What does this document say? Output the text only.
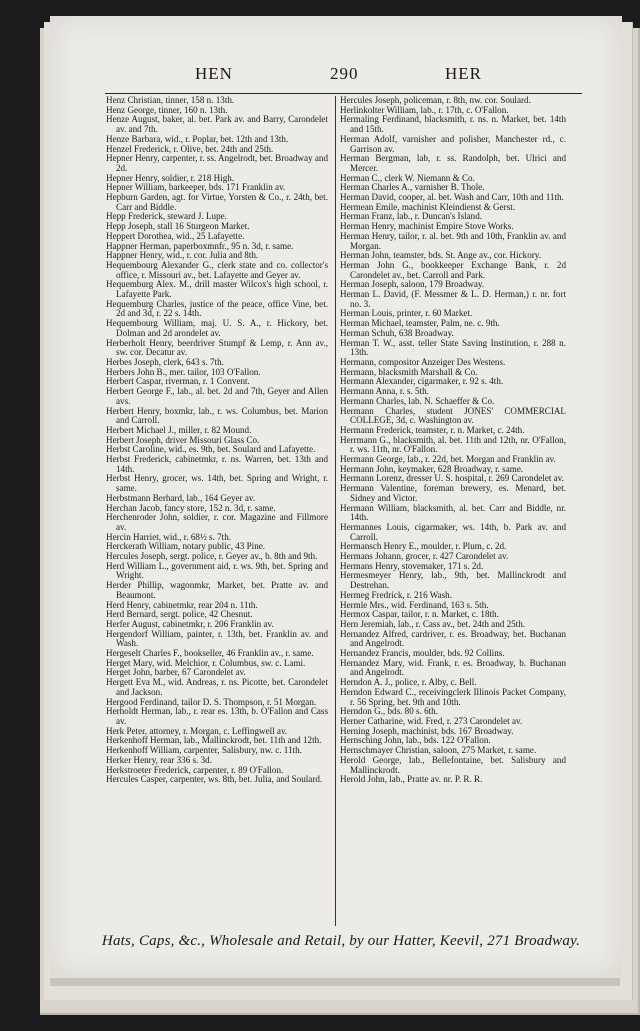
HEN	290	HER

Henz Christian, tinner, 158 n. 13th.

Henz George, tinner, 160 n. 13th.

Henze August, baker, al. bet. Park av. and Barry, Carondelet av. and 7th.

Henze Barbara, wid., r. Poplar, bet. 12th and 13th.

Henzel Frederick, r. Olive, bet. 24th and 25th.

Hepner Henry, carpenter, r. ss. Angelrodt, bet. Broadway and 2d.

Hepner Henry, soldier, r. 218 High.

Hepner William, barkeeper, bds. 171 Franklin av.

Hepburn Garden, agt. for Virtue, Yorsten & Co., r. 24th, bet. Carr and Biddle.

Hepp Frederick, steward J. Lupe.

Hepp Joseph, stall 16 Sturgeon Market.

Heppert Dorothea, wid., 25 Lafayette.

Happner Herman, paperboxmnfr., 95 n. 3d, r. same.

Happner Henry, wid., r. cor. Julia and 8th.

Hequembourg Alexander G., clerk state and co. collector's office, r. Missouri av., bet. Lafayette and Geyer av.

Hequemburg Alex. M., drill master Wilcox's high school, r. Lafayette Park.

Hequemburg Charles, justice of the peace, office Vine, bet. 2d and 3d, r. 22 s. 14th.

Hequembourg William, maj. U. S. A., r. Hickory, bet. Dolman and 2d arondelet av.

Herberholt Henry, beerdriver Stumpf & Lemp, r. Ann av., sw. cor. Decatur av.

Herbes Joseph, clerk, 643 s. 7th.

Herbers John B., mer. tailor, 103 O'Fallon.

Herbert Caspar, riverman, r. 1 Convent.

Herbert George F., lab., al. bet. 2d and 7th, Geyer and Allen avs.

Herbert Henry, boxmkr, lab., r. ws. Columbus, bet. Marion and Carroll.

Herbert Michael J., miller, r. 82 Mound.

Herbert Joseph, driver Missouri Glass Co.

Herbst Caroline, wid., es. 9th, bet. Soulard and Lafayette.

Herbst Frederick, cabinetmkr, r. ns. Warren, bet. 13th and 14th.

Herbst Henry, grocer, ws. 14th, bet. Spring and Wright, r. same.

Herbstmann Berhard, lab., 164 Geyer av.

Herchan Jacob, fancy store, 152 n. 3d, r. same.

Herchenroder John, soldier, r. cor. Magazine and Fillmore av.

Hercin Harriet, wid., r. 68½ s. 7th.

Herckerath William, notary public, 43 Pine.

Hercules Joseph, sergt. police, r. Geyer av., b. 8th and 9th.

Herd William L., government aid, r. ws. 9th, bet. Spring and Wright.

Herder Phillip, wagonmkr, Market, bet. Pratte av. and Beaumont.

Herd Henry, cabinetmkr, rear 204 n. 11th.

Herd Bernard, sergt. police, 42 Chesnut.

Herfer August, cabinetmkr, r. 206 Franklin av.

Hergendorf William, painter, r. 13th, bet. Franklin av. and Wash.

Hergeselt Charles F., bookseller, 46 Franklin av., r. same.

Herget Mary, wid. Melchior, r. Columbus, sw. c. Lami.

Herget John, barber, 67 Carondelet av.

Hergett Eva M., wid. Andreas, r. ns. Picotte, bet. Carondelet and Jackson.

Hergood Ferdinand, tailor D. S. Thompson, r. 51 Morgan.

Herholdt Herman, lab., r. rear es. 13th, b. O'Fallon and Cass av.

Herk Peter, attorney, r. Morgan, c. Leffingwell av.

Herkenhoff Herman, lab., Mallinckrodt, bet. 11th and 12th.

Herkenhoff William, carpenter, Salisbury, nw. c. 11th.

Herker Henry, rear 336 s. 3d.

Herkstroeter Frederick, carpenter, r. 89 O'Fallon.

Hercules Casper, carpenter, ws. 8th, bet. Julia, and Soulard.

Hercules Joseph, policeman, r. 8th, nw. cor. Soulard.

Herlinkolter William, lab., r. 17th, c. O'Fallon.

Hermaling Ferdinand, blacksmith, r. ns. n. Market, bet. 14th and 15th.

Herman Adolf, varnisher and polisher, Manchester rd., c. Garrison av.

Herman Bergman, lab, r. ss. Randolph, bet. Ulrici and Mercer.

Herman C., clerk W. Niemann & Co.

Herman Charles A., varnisher B. Thole.

Herman David, cooper, al. bet. Wash and Carr, 10th and 11th.

Hermean Emile, machinist Kleindienst & Gerst.

Herman Franz, lab., r. Duncan's Island.

Herman Henry, machinist Empire Stove Works.

Herman Henry, tailor, r. al. bet. 9th and 10th, Franklin av. and Morgan.

Herman John, teamster, bds. St. Ange av., cor. Hickory.

Herman John G., bookkeeper Exchange Bank, r. 2d Carondelet av., bet. Carroll and Park.

Herman Joseph, saloon, 179 Broadway.

Herman L. David, (F. Messmer & L. D. Herman,) r. nr. fort no. 3.

Herman Louis, printer, r. 60 Market.

Herman Michael, teamster, Palm, ne. c. 9th.

Herman Schuh, 638 Broadway.

Herman T. W., asst. teller State Saving Institution, r. 288 n. 13th.

Hermann, compositor Anzeiger Des Westens.

Hermann, blacksmith Marshall & Co.

Hermann Alexander, cigarmaker, r. 92 s. 4th.

Hermann Anna, r. s. 5th.

Hermann Charles, lab. N. Schaeffer & Co.

Hermann Charles, student JONES' COMMERCIAL COLLEGE, 3d, c. Washington av.

Hermann Frederick, teamster, r. n. Market, c. 24th.

Herrmann G., blacksmith, al. bet. 11th and 12th, nr. O'Fallon, r. ws. 11th, nr. O'Fallon.

Hermann George, lab., r. 22d, bet. Morgan and Franklin av.

Hermann John, keymaker, 628 Broadway, r. same.

Hermann Lorenz, dresser U. S. hospital, r. 269 Carondelet av.

Hermann Valentine, foreman brewery, es. Menard, bet. Sidney and Victor.

Hermann William, blacksmith, al. bet. Carr and Biddle, nr. 14th.

Hermannes Louis, cigarmaker, ws. 14th, b. Park av. and Carroll.

Hermansch Henry E., moulder, r. Plum, c. 2d.

Hermans Johann, grocer, r. 427 Carondelet av.

Hermans Henry, stovemaker, 171 s. 2d.

Hermesmeyer Henry, lab., 9th, bet. Mallinckrodt and Destrehan.

Hermeg Fredrick, r. 216 Wash.

Hermle Mrs., wid. Ferdinand, 163 s. 5th.

Hermox Caspar, tailor, r. n. Market, c. 18th.

Hern Jeremiah, lab., r. Cass av., bet. 24th and 25th.

Hernandez Alfred, cardriver, r. es. Broadway, bet. Buchanan and Angelrodt.

Hernandez Francis, moulder, bds. 92 Collins.

Hernandez Mary, wid. Frank, r. es. Broadway, b. Buchanan and Angelrodt.

Herndon A. J., police, r. Alby, c. Bell.

Herndon Edward C., receivingclerk Illinois Packet Company, r. 56 Spring, bet. 9th and 10th.

Herndon G., bds. 80 s. 6th.

Herner Catharine, wid. Fred, r. 273 Carondelet av.

Herning Joseph, machinist, bds. 167 Broadway.

Hernsching John, lab., bds. 122 O'Fallon.

Hernschmayer Christian, saloon, 275 Market, r. same.

Herold George, lab., Bellefontaine, bet. Salisbury and Mallinckrodt.

Herold John, lab., Pratte av. nr. P. R. R.

Hats, Caps, &c., Wholesale and Retail, by our Hatter, Keevil, 271 Broadway.
